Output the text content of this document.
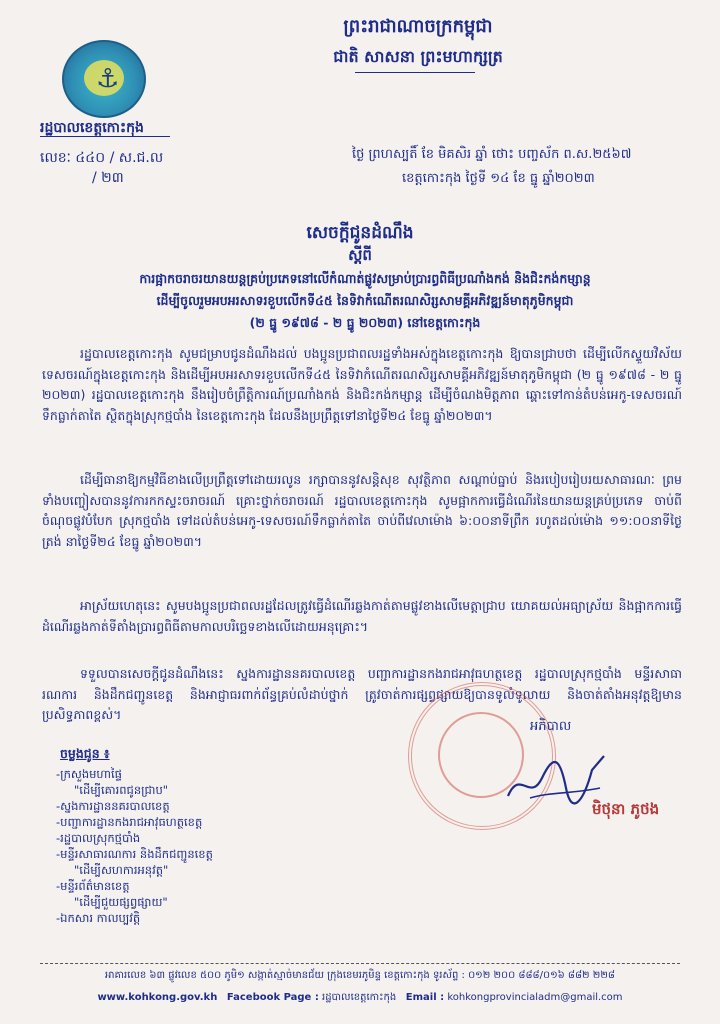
⚓
ព្រះរាជាណាចក្រកម្ពុជា
ជាតិ សាសនា ព្រះមហាក្សត្រ
រដ្ឋបាលខេត្តកោះកុង
លេខៈ ៤៤០ / ស.ជ.ល
/ ២៣
ថ្ងៃ ព្រហស្បតិ៍ ខែ មិគសិរ ឆ្នាំ ថោះ បញ្ចស័ក ព.ស.២៥៦៧
ខេត្តកោះកុង ថ្ងៃទី ១៤ ខែ ធ្នូ ឆ្នាំ២០២៣
សេចក្តីជូនដំណឹង
ស្តីពី
ការផ្អាកចរាចរយានយន្តគ្រប់ប្រភេទនៅលើកំណាត់ផ្លូវសម្រាប់ប្រារព្ធពិធីប្រណាំងកង់ និងជិះកង់កម្សាន្ត
ដើម្បីចូលរួមអបអរសាទរខួបលើកទី៤៥ នៃទិវាកំណើតរណសិរ្សសាមគ្គីអភិវឌ្ឍន៍មាតុភូមិកម្ពុជា
(២ ធ្នូ ១៩៧៨ - ២ ធ្នូ ២០២៣) នៅខេត្តកោះកុង
រដ្ឋបាលខេត្តកោះកុង សូមជម្រាបជូនដំណឹងដល់ បងប្អូនប្រជាពលរដ្ឋទាំងអស់ក្នុងខេត្តកោះកុង ឱ្យបានជ្រាបថា ដើម្បីលើកស្ទួយវិស័យទេសចរណ៍ក្នុងខេត្តកោះកុង និងដើម្បីអបអរសាទរខួបលើកទី៤៥ នៃទិវាកំណើតរណសិរ្សសាមគ្គីអភិវឌ្ឍន៍មាតុភូមិកម្ពុជា (២ ធ្នូ ១៩៧៨ - ២ ធ្នូ ២០២៣) រដ្ឋបាលខេត្តកោះកុង នឹងរៀបចំព្រឹត្តិការណ៍ប្រណាំងកង់ និងជិះកង់កម្សាន្ត ដើម្បីចំណងមិត្តភាព ឆ្ពោះទៅកាន់តំបន់អេកូ-ទេសចរណ៍ទឹកធ្លាក់តាតៃ ស្ថិតក្នុងស្រុកថ្មបាំង នៃខេត្តកោះកុង ដែលនឹងប្រព្រឹត្តទៅនាថ្ងៃទី២៤ ខែធ្នូ ឆ្នាំ២០២៣។
ដើម្បីធានាឱ្យកម្មវិធីខាងលើប្រព្រឹត្តទៅដោយរលូន រក្សាបាននូវសន្តិសុខ សុវត្ថិភាព សណ្តាប់ធ្នាប់ និងរបៀបរៀបរយសាធារណៈ ព្រមទាំងបញ្ចៀសបាននូវការកកស្ទះចរាចរណ៍ គ្រោះថ្នាក់ចរាចរណ៍ រដ្ឋបាលខេត្តកោះកុង សូមផ្អាកការធ្វើដំណើរនៃយានយន្តគ្រប់ប្រភេទ ចាប់ពីចំណុចផ្លូវបំបែក ស្រុកថ្មបាំង ទៅដល់តំបន់អេកូ-ទេសចរណ៍ទឹកធ្លាក់តាតៃ ចាប់ពីវេលាម៉ោង ៦:០០នាទីព្រឹក រហូតដល់ម៉ោង ១១:០០នាទីថ្ងៃត្រង់ នាថ្ងៃទី២៤ ខែធ្នូ ឆ្នាំ២០២៣។
អាស្រ័យហេតុនេះ សូមបងប្អូនប្រជាពលរដ្ឋដែលត្រូវធ្វើដំណើរឆ្លងកាត់តាមផ្លូវខាងលើមេត្តាជ្រាប យោគយល់អធ្យាស្រ័យ និងផ្អាកការធ្វើដំណើរឆ្លងកាត់ទីតាំងប្រារព្ធពិធីតាមកាលបរិច្ឆេទខាងលើដោយអនុគ្រោះ។
ទទួលបានសេចក្តីជូនដំណឹងនេះ ស្នងការដ្ឋាននគរបាលខេត្ត បញ្ជាការដ្ឋានកងរាជអាវុធហត្ថខេត្ត រដ្ឋបាលស្រុកថ្មបាំង មន្ទីរសាធារណការ និងដឹកជញ្ជូនខេត្ត និងអាជ្ញាធរពាក់ព័ន្ធគ្រប់លំដាប់ថ្នាក់ ត្រូវចាត់ការផ្សព្វផ្សាយឱ្យបានទូលំទូលាយ និងចាត់តាំងអនុវត្តឱ្យមានប្រសិទ្ធភាពខ្ពស់។
អភិបាល
មិថុនា ភូថង
ចម្លងជូន ៖
-ក្រសួងមហាផ្ទៃ
"ដើម្បីគោរពជូនជ្រាប"
-ស្នងការដ្ឋាននគរបាលខេត្ត
-បញ្ជាការដ្ឋានកងរាជអាវុធហត្ថខេត្ត
-រដ្ឋបាលស្រុកថ្មបាំង
-មន្ទីរសាធារណការ និងដឹកជញ្ជូនខេត្ត
"ដើម្បីសហការអនុវត្ត"
-មន្ទីរព័ត៌មានខេត្ត
"ដើម្បីជួយផ្សព្វផ្សាយ"
-ឯកសារ កាលប្បវត្តិ
អាគារលេខ ៦៣ ផ្លូវលេខ ៥០០ ភូមិ១ សង្កាត់ស្មាច់មានជ័យ ក្រុងខេមរភូមិន្ទ ខេត្តកោះកុង ទូរស័ព្ទ : ០១២ ២០០ ៨៨៨/០១៦ ៨៨២ ២២៨
www.kohkong.gov.kh Facebook Page : រដ្ឋបាលខេត្តកោះកុង Email : kohkongprovincialadm@gmail.com
